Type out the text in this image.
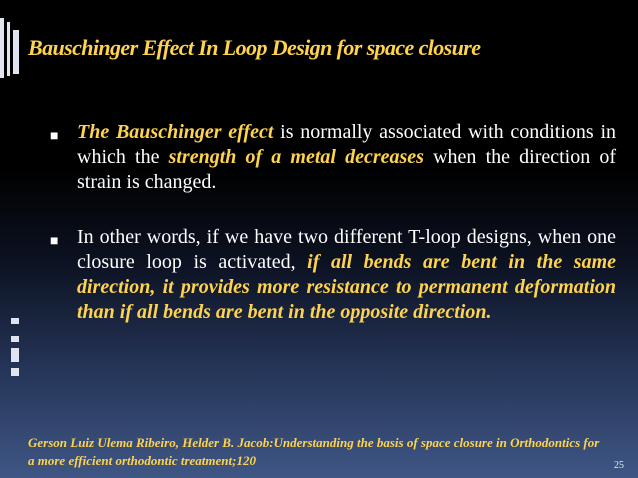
Bauschinger Effect In Loop Design for space closure
■ The Bauschinger effect is normally associated with conditions in which the strength of a metal decreases when the direction of strain is changed.
■ In other words, if we have two different T-loop designs, when one closure loop is activated, if all bends are bent in the same direction, it provides more resistance to permanent deformation than if all bends are bent in the opposite direction.

Gerson Luiz Ulema Ribeiro, Helder B. Jacob:Understanding the basis of space closure in Orthodontics for a more efficient orthodontic treatment;120	25
